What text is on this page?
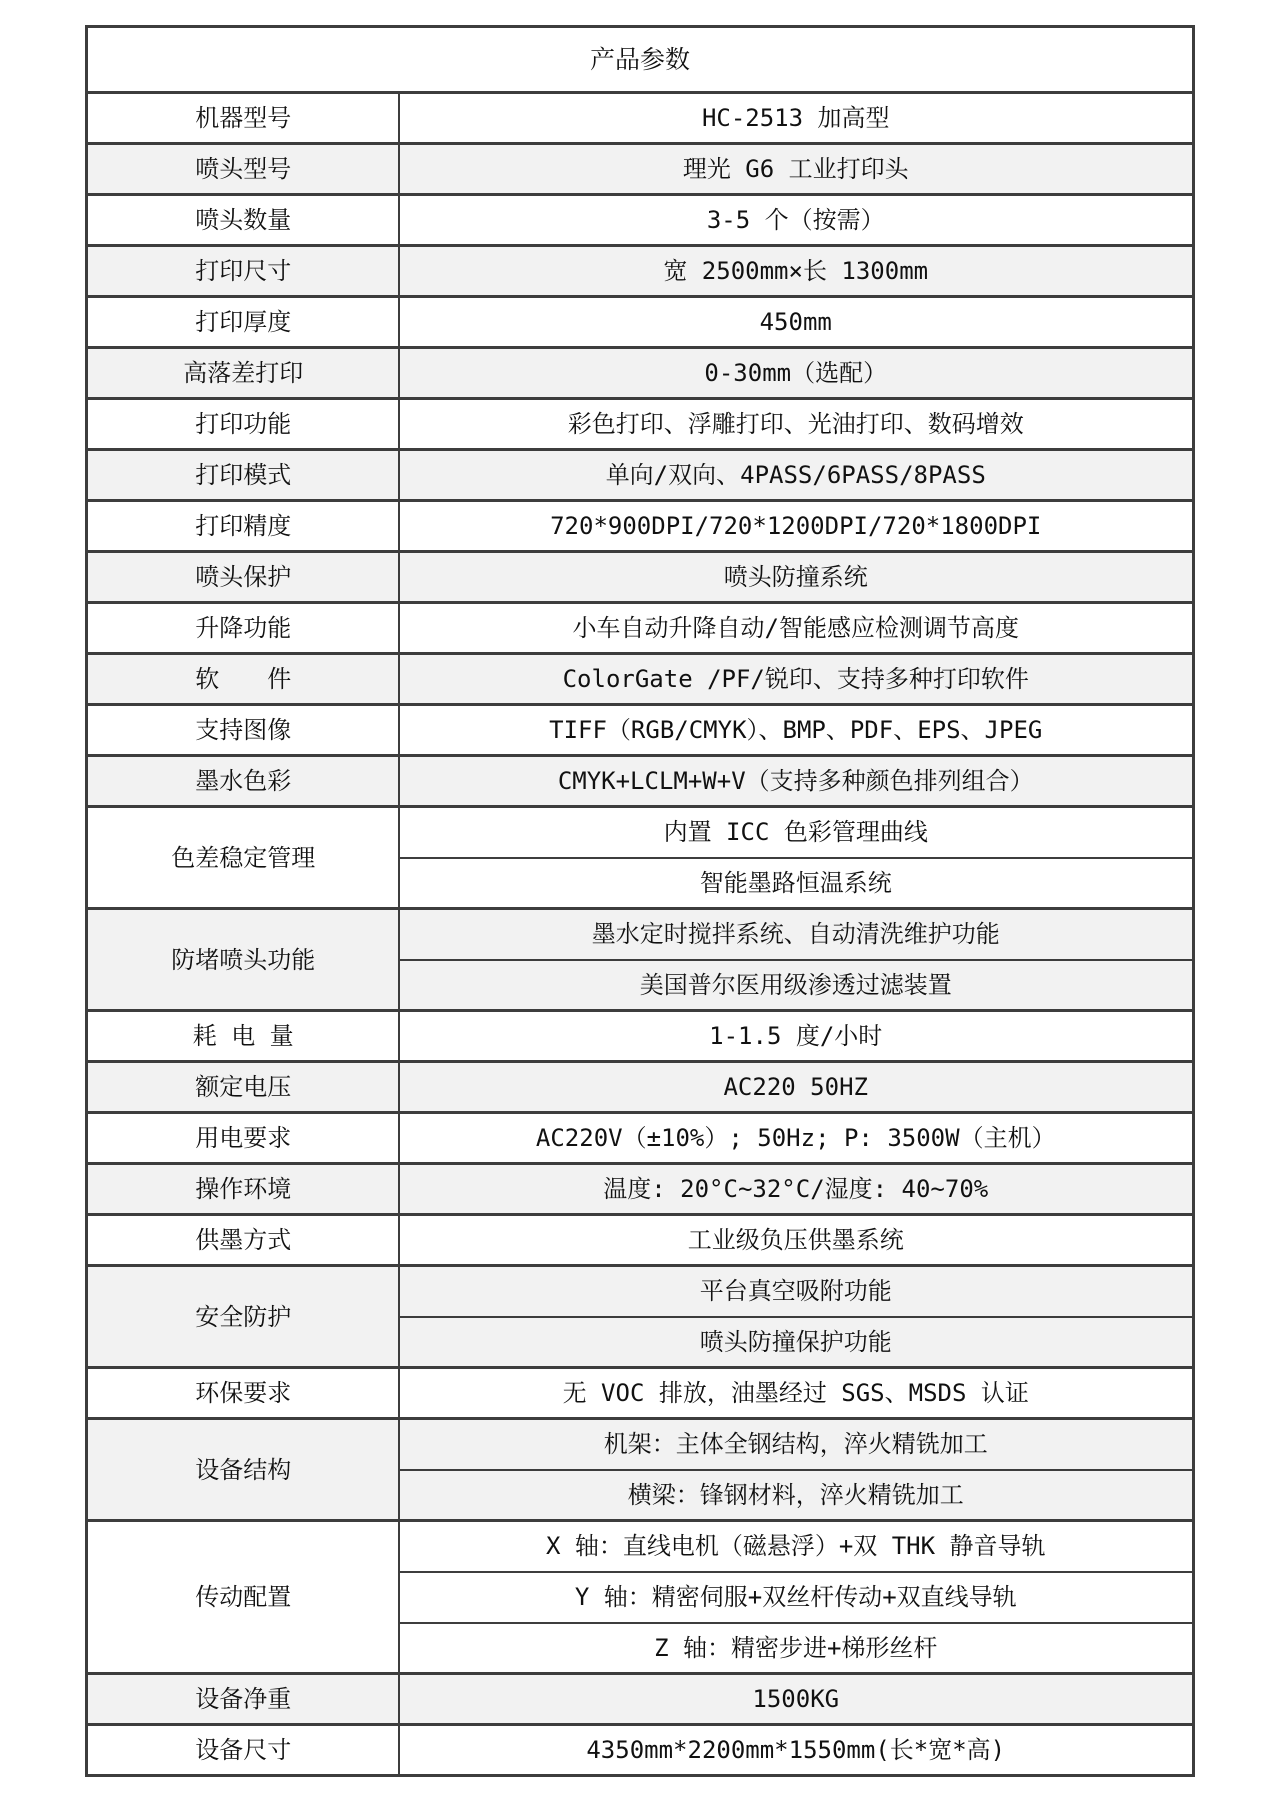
产品参数	
机器型号	HC-2513 加高型
喷头型号	理光 G6 工业打印头
喷头数量	3-5 个（按需）
打印尺寸	宽 2500mm×长 1300mm
打印厚度	450mm
高落差打印	0-30mm（选配）
打印功能	彩色打印、浮雕打印、光油打印、数码增效
打印模式	单向/双向、4PASS/6PASS/8PASS
打印精度	720*900DPI/720*1200DPI/720*1800DPI
喷头保护	喷头防撞系统
升降功能	小车自动升降自动/智能感应检测调节高度
软　　件	ColorGate /PF/锐印、支持多种打印软件
支持图像	TIFF（RGB/CMYK）、BMP、PDF、EPS、JPEG
墨水色彩	CMYK+LCLM+W+V（支持多种颜色排列组合）
色差稳定管理	内置 ICC 色彩管理曲线
	智能墨路恒温系统
防堵喷头功能	墨水定时搅拌系统、自动清洗维护功能
	美国普尔医用级渗透过滤装置
耗 电 量	1-1.5 度/小时
额定电压	AC220 50HZ
用电要求	AC220V（±10%）; 50Hz; P: 3500W（主机）
操作环境	温度: 20°C~32°C/湿度: 40~70%
供墨方式	工业级负压供墨系统
安全防护	平台真空吸附功能
	喷头防撞保护功能
环保要求	无 VOC 排放，油墨经过 SGS、MSDS 认证
设备结构	机架：主体全钢结构，淬火精铣加工
	横梁：锋钢材料，淬火精铣加工
传动配置	X 轴：直线电机（磁悬浮）+双 THK 静音导轨
	Y 轴：精密伺服+双丝杆传动+双直线导轨
	Z 轴：精密步进+梯形丝杆
设备净重	1500KG
设备尺寸	4350mm*2200mm*1550mm(长*宽*高)
